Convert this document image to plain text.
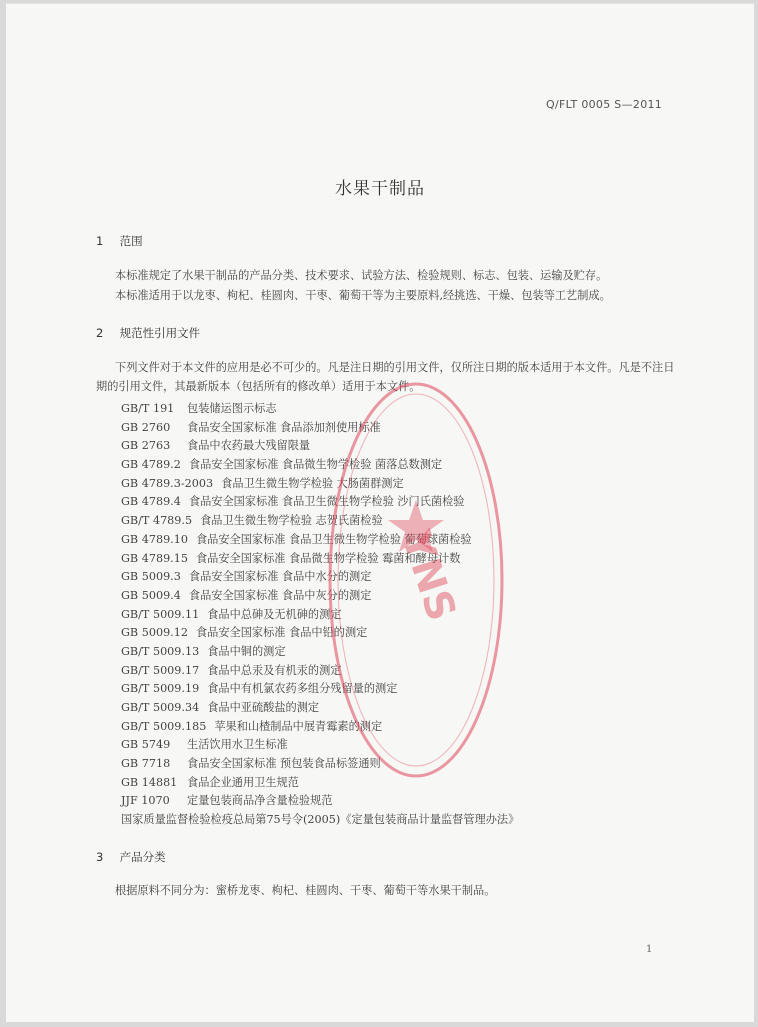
Q/FLT 0005 S—2011
水果干制品
1 范围
本标准规定了水果干制品的产品分类、技术要求、试验方法、检验规则、标志、包装、运输及贮存。
本标准适用于以龙枣、枸杞、桂圆肉、干枣、葡萄干等为主要原料,经挑选、干燥、包装等工艺制成。
2 规范性引用文件
下列文件对于本文件的应用是必不可少的。凡是注日期的引用文件，仅所注日期的版本适用于本文件。凡是不注日期的引用文件，其最新版本（包括所有的修改单）适用于本文件。
GB/T 191 包装储运图示标志
GB 2760 食品安全国家标准 食品添加剂使用标准
GB 2763 食品中农药最大残留限量
GB 4789.2 食品安全国家标准 食品微生物学检验 菌落总数测定
GB 4789.3-2003 食品卫生微生物学检验 大肠菌群测定
GB 4789.4 食品安全国家标准 食品卫生微生物学检验 沙门氏菌检验
GB/T 4789.5 食品卫生微生物学检验 志贺氏菌检验
GB 4789.10 食品安全国家标准 食品卫生微生物学检验 葡萄球菌检验
GB 4789.15 食品安全国家标准 食品微生物学检验 霉菌和酵母计数
GB 5009.3 食品安全国家标准 食品中水分的测定
GB 5009.4 食品安全国家标准 食品中灰分的测定
GB/T 5009.11 食品中总砷及无机砷的测定
GB 5009.12 食品安全国家标准 食品中铅的测定
GB/T 5009.13 食品中铜的测定
GB/T 5009.17 食品中总汞及有机汞的测定
GB/T 5009.19 食品中有机氯农药多组分残留量的测定
GB/T 5009.34 食品中亚硫酸盐的测定
GB/T 5009.185 苹果和山楂制品中展青霉素的测定
GB 5749 生活饮用水卫生标准
GB 7718 食品安全国家标准 预包装食品标签通则
GB 14881 食品企业通用卫生规范
JJF 1070 定量包装商品净含量检验规范
国家质量监督检验检疫总局第75号令(2005)《定量包装商品计量监督管理办法》
3 产品分类
根据原料不同分为：蜜桥龙枣、枸杞、桂圆肉、干枣、葡萄干等水果干制品。
1
YNS
